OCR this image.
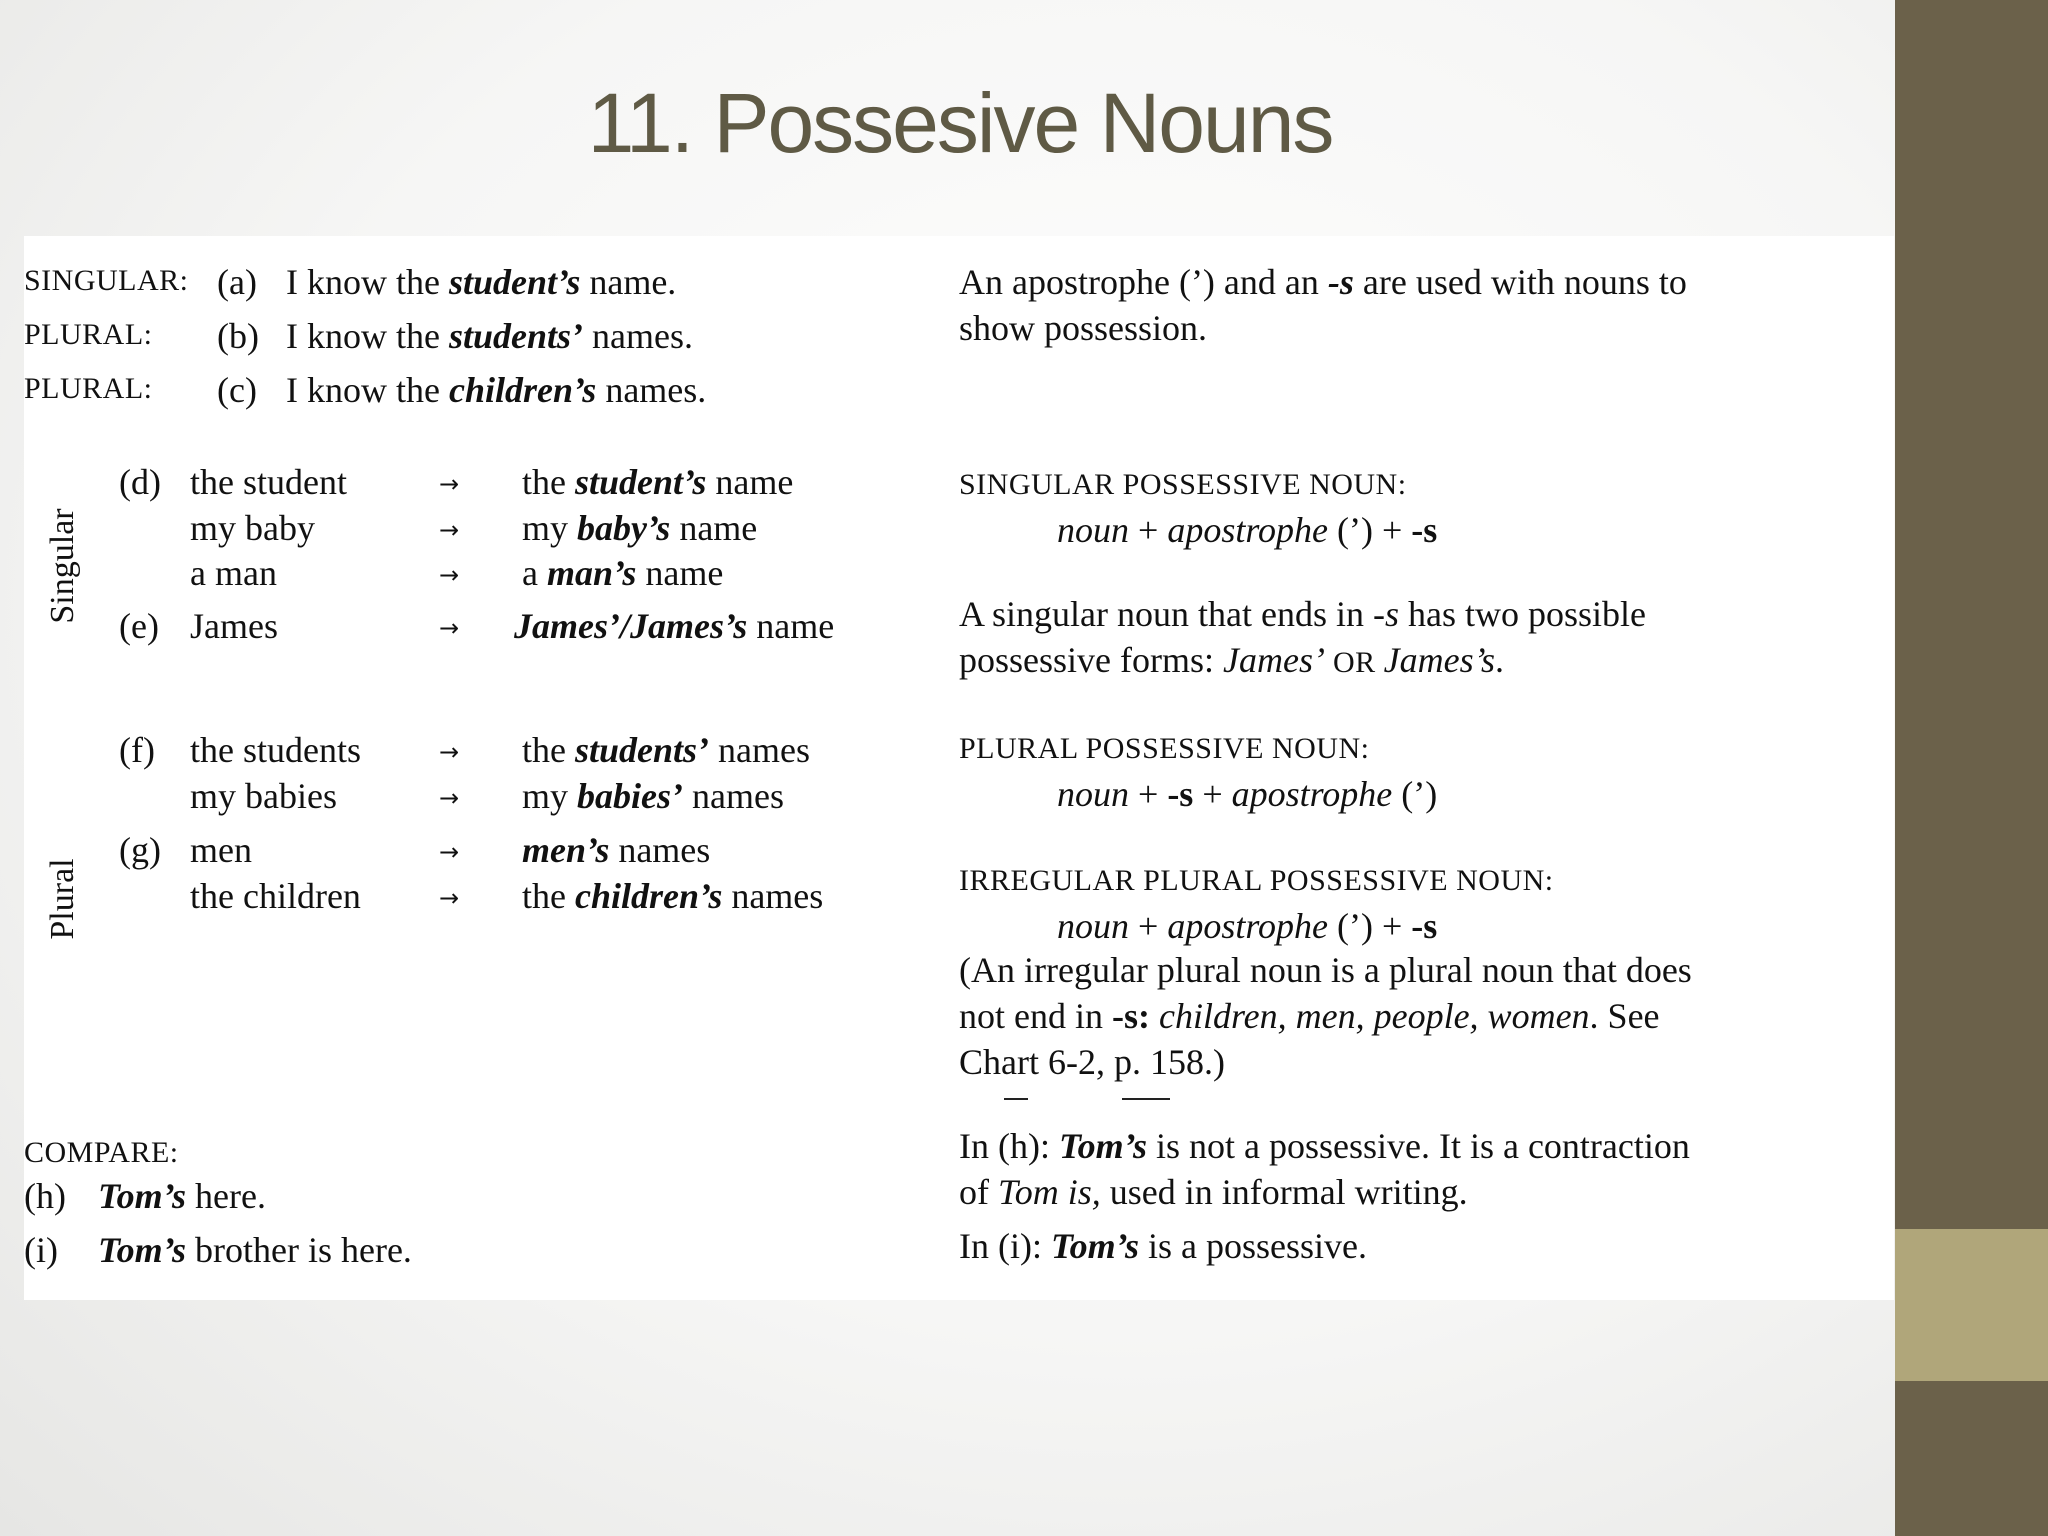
11. Possesive Nouns
SINGULAR: (a) I know the student’s name.
PLURAL: (b) I know the students’ names.
PLURAL: (c) I know the children’s names.
An apostrophe (’) and an -s are used with nouns to
show possession.
Singular
(d) the student	→ the student’s name
my baby	→ my baby’s name
a man	→ a man’s name
(e) James	→ James’/James’s name
SINGULAR POSSESSIVE NOUN:
noun + apostrophe (’) + -s
A singular noun that ends in -s has two possible
possessive forms: James’ OR James’s.
Plural
(f) the students	→ the students’ names
my babies	→ my babies’ names
(g) men	→ men’s names
the children	→ the children’s names
PLURAL POSSESSIVE NOUN:
noun + -s + apostrophe (’)
IRREGULAR PLURAL POSSESSIVE NOUN:
noun + apostrophe (’) + -s
(An irregular plural noun is a plural noun that does
not end in -s: children, men, people, women. See
Chart 6-2, p. 158.)
COMPARE:
(h) Tom’s here.
(i) Tom’s brother is here.
In (h): Tom’s is not a possessive. It is a contraction
of Tom is, used in informal writing.
In (i): Tom’s is a possessive.
